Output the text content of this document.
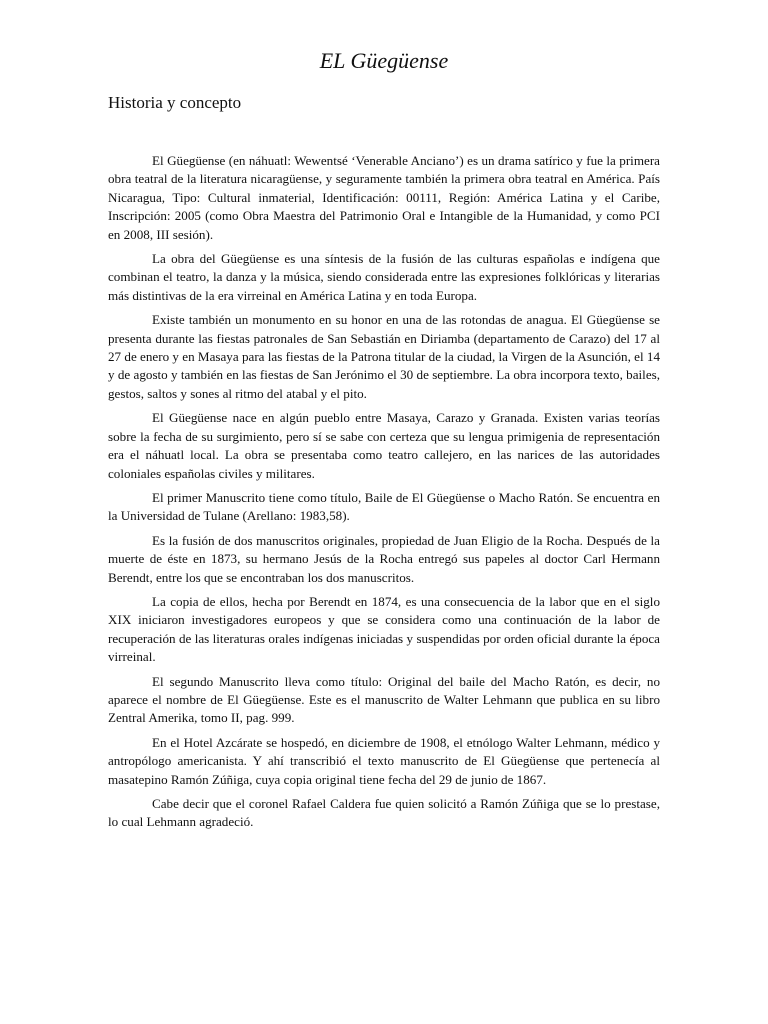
EL Güegüense
Historia y concepto

El Güegüense (en náhuatl: Wewentsé ‘Venerable Anciano’) es un drama satírico y fue la primera obra teatral de la literatura nicaragüense, y seguramente también la primera obra teatral en América. País Nicaragua, Tipo: Cultural inmaterial, Identificación: 00111, Región: América Latina y el Caribe, Inscripción: 2005 (como Obra Maestra del Patrimonio Oral e Intangible de la Humanidad, y como PCI en 2008, III sesión).

La obra del Güegüense es una síntesis de la fusión de las culturas españolas e indígena que combinan el teatro, la danza y la música, siendo considerada entre las expresiones folklóricas y literarias más distintivas de la era virreinal en América Latina y en toda Europa.

Existe también un monumento en su honor en una de las rotondas de anagua. El Güegüense se presenta durante las fiestas patronales de San Sebastián en Diriamba (departamento de Carazo) del 17 al 27 de enero y en Masaya para las fiestas de la Patrona titular de la ciudad, la Virgen de la Asunción, el 14 y de agosto y también en las fiestas de San Jerónimo el 30 de septiembre. La obra incorpora texto, bailes, gestos, saltos y sones al ritmo del atabal y el pito.

El Güegüense nace en algún pueblo entre Masaya, Carazo y Granada. Existen varias teorías sobre la fecha de su surgimiento, pero sí se sabe con certeza que su lengua primigenia de representación era el náhuatl local. La obra se presentaba como teatro callejero, en las narices de las autoridades coloniales españolas civiles y militares.

El primer Manuscrito tiene como título, Baile de El Güegüense o Macho Ratón. Se encuentra en la Universidad de Tulane (Arellano: 1983,58).

Es la fusión de dos manuscritos originales, propiedad de Juan Eligio de la Rocha. Después de la muerte de éste en 1873, su hermano Jesús de la Rocha entregó sus papeles al doctor Carl Hermann Berendt, entre los que se encontraban los dos manuscritos.

La copia de ellos, hecha por Berendt en 1874, es una consecuencia de la labor que en el siglo XIX iniciaron investigadores europeos y que se considera como una continuación de la labor de recuperación de las literaturas orales indígenas iniciadas y suspendidas por orden oficial durante la época virreinal.

El segundo Manuscrito lleva como título: Original del baile del Macho Ratón, es decir, no aparece el nombre de El Güegüense. Este es el manuscrito de Walter Lehmann que publica en su libro Zentral Amerika, tomo II, pag. 999.

En el Hotel Azcárate se hospedó, en diciembre de 1908, el etnólogo Walter Lehmann, médico y antropólogo americanista. Y ahí transcribió el texto manuscrito de El Güegüense que pertenecía al masatepino Ramón Zúñiga, cuya copia original tiene fecha del 29 de junio de 1867.

Cabe decir que el coronel Rafael Caldera fue quien solicitó a Ramón Zúñiga que se lo prestase, lo cual Lehmann agradeció.
